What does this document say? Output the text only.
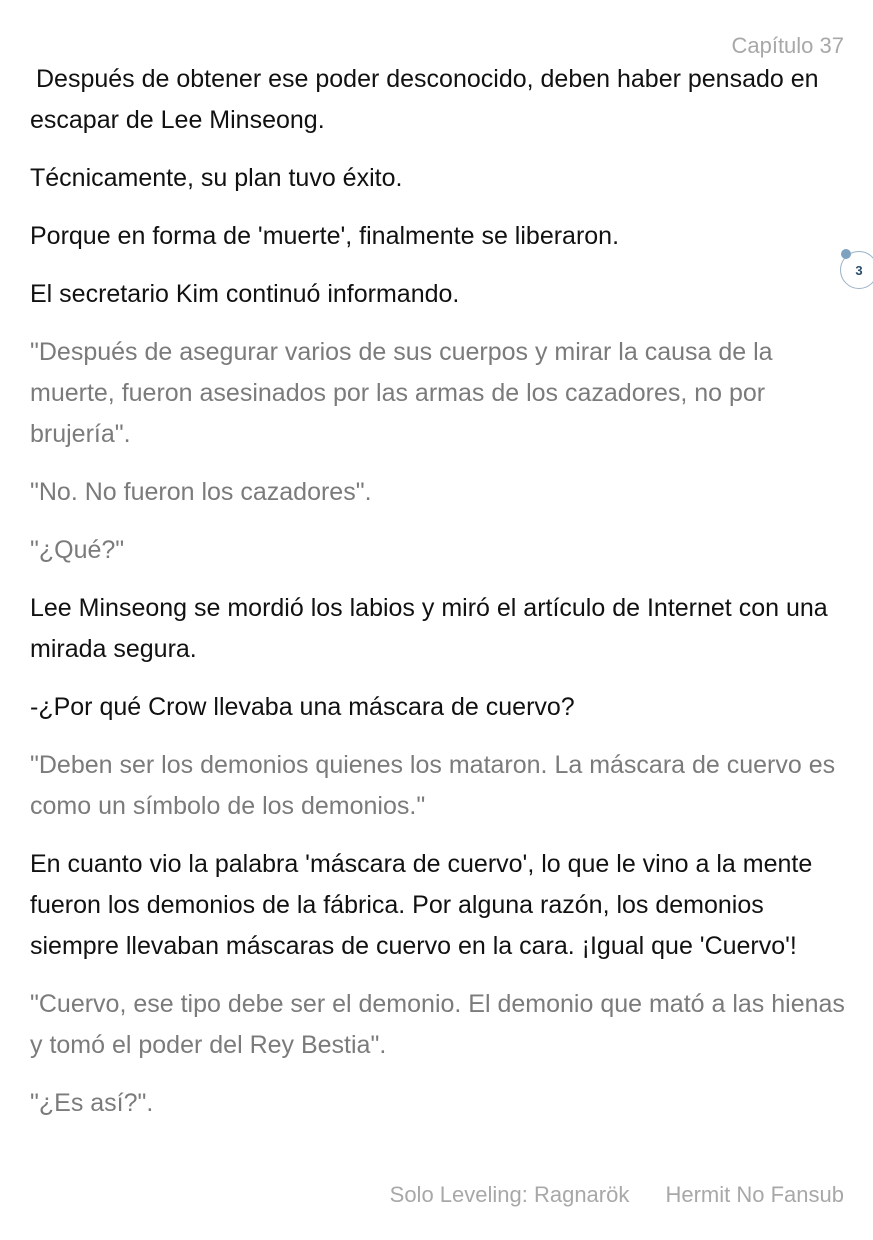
Capítulo 37

Después de obtener ese poder desconocido, deben haber pensado en escapar de Lee Minseong.

Técnicamente, su plan tuvo éxito.

Porque en forma de 'muerte', finalmente se liberaron.

El secretario Kim continuó informando.

"Después de asegurar varios de sus cuerpos y mirar la causa de la muerte, fueron asesinados por las armas de los cazadores, no por brujería".

"No. No fueron los cazadores".

"¿Qué?"

Lee Minseong se mordió los labios y miró el artículo de Internet con una mirada segura.

-¿Por qué Crow llevaba una máscara de cuervo?

"Deben ser los demonios quienes los mataron. La máscara de cuervo es como un símbolo de los demonios."

En cuanto vio la palabra 'máscara de cuervo', lo que le vino a la mente fueron los demonios de la fábrica. Por alguna razón, los demonios siempre llevaban máscaras de cuervo en la cara. ¡Igual que 'Cuervo'!

"Cuervo, ese tipo debe ser el demonio. El demonio que mató a las hienas y tomó el poder del Rey Bestia".

"¿Es así?".

3
Solo Leveling: Ragnarök Hermit No Fansub
